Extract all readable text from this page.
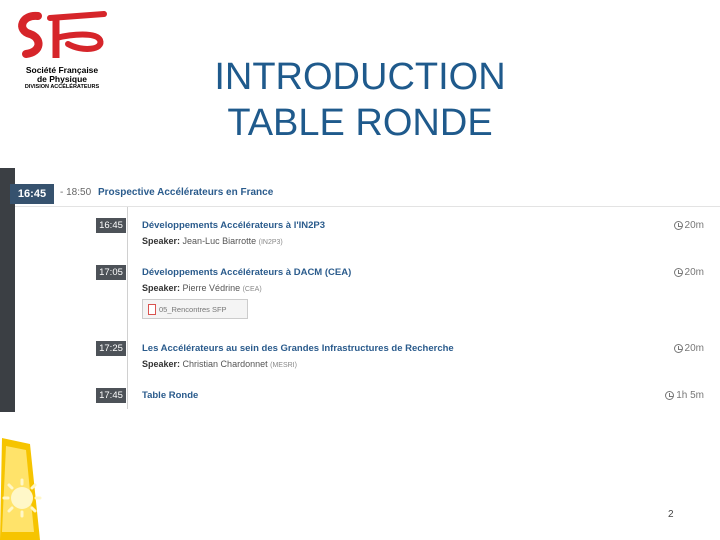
Société Française
de Physique
DIVISION ACCÉLÉRATEURS	INTRODUCTION
TABLE RONDE
16:45	- 18:50 Prospective Accélérateurs en France
16:45	Développements Accélérateurs à l'IN2P3
Speaker: Jean-Luc Biarrotte (IN2P3)
20m
17:05	Développements Accélérateurs à DACM (CEA)
Speaker: Pierre Védrine (CEA)
05_Rencontres SFP
20m
17:25	Les Accélérateurs au sein des Grandes Infrastructures de Recherche
Speaker: Christian Chardonnet (MESRI)
20m
17:45	Table Ronde	1h 5m
2
